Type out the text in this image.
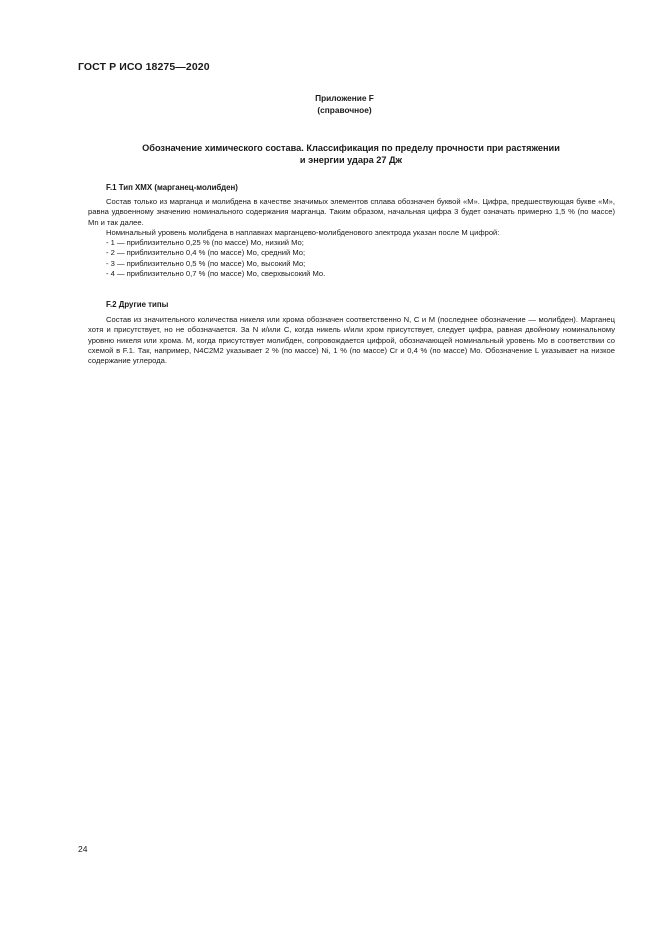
ГОСТ Р ИСО 18275—2020
Приложение F
(справочное)
Обозначение химического состава. Классификация по пределу прочности при растяжении
и энергии удара 27 Дж
F.1 Тип XMX (марганец-молибден)

Состав только из марганца и молибдена в качестве значимых элементов сплава обозначен буквой «M». Цифра, предшествующая букве «M», равна удвоенному значению номинального содержания марганца. Таким образом, начальная цифра 3 будет означать примерно 1,5 % (по массе) Mn и так далее.

Номинальный уровень молибдена в наплавках марганцево-молибденового электрода указан после M цифрой:

- 1 — приблизительно 0,25 % (по массе) Mo, низкий Mo;
- 2 — приблизительно 0,4 % (по массе) Mo, средний Mo;
- 3 — приблизительно 0,5 % (по массе) Mo, высокий Mo;
- 4 — приблизительно 0,7 % (по массе) Mo, сверхвысокий Mo.
F.2 Другие типы

Состав из значительного количества никеля или хрома обозначен соответственно N, C и M (последнее обозначение — молибден). Марганец хотя и присутствует, но не обозначается. За N и/или C, когда никель и/или хром присутствует, следует цифра, равная двойному номинальному уровню никеля или хрома. M, когда присутствует молибден, сопровождается цифрой, обозначающей номинальный уровень Mo в соответствии со схемой в F.1. Так, например, N4C2M2 указывает 2 % (по массе) Ni, 1 % (по массе) Cr и 0,4 % (по массе) Mo. Обозначение L указывает на низкое содержание углерода.

24
